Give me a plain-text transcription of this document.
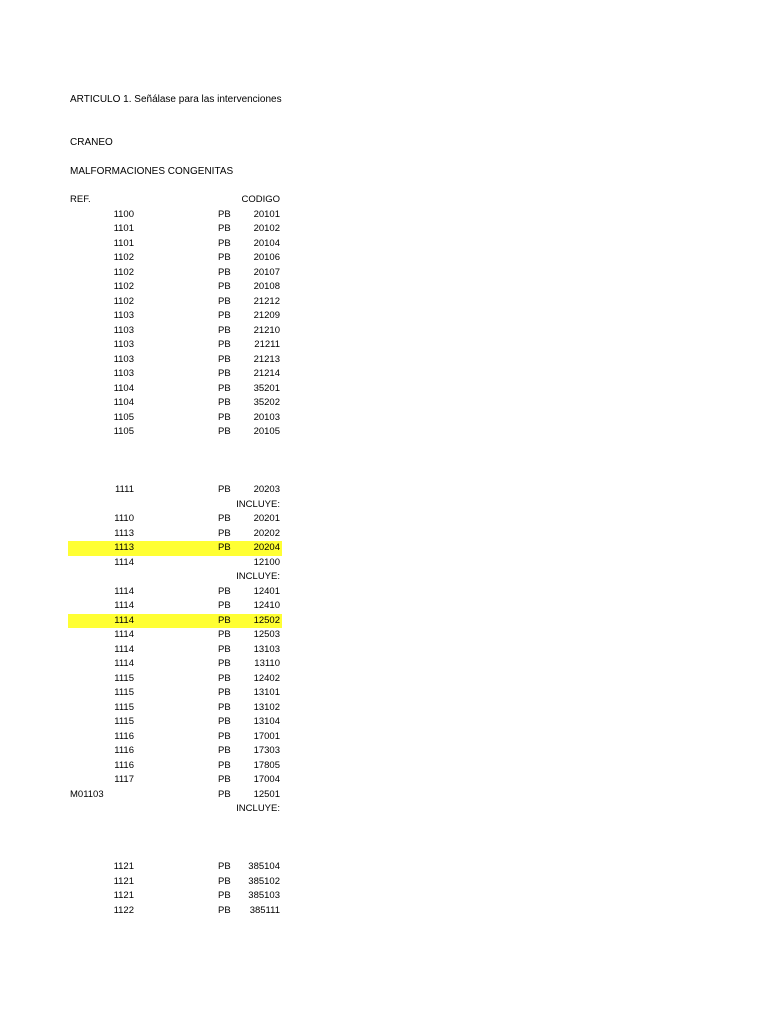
ARTICULO 1. Señálase para las intervenciones
CRANEO
MALFORMACIONES CONGENITAS
REF.	CODIGO
1100	PB 20101
1101	PB 20102
1101	PB 20104
1102	PB 20106
1102	PB 20107
1102	PB 20108
1102	PB 21212
1103	PB 21209
1103	PB 21210
1103	PB 21211
1103	PB 21213
1103	PB 21214
1104	PB 35201
1104	PB 35202
1105	PB 20103
1105	PB 20105
1111	PB 20203
INCLUYE:
1110	PB 20201
1113	PB 20202
1113	PB 20204
1114	12100
INCLUYE:
1114	PB 12401
1114	PB 12410
1114	PB 12502
1114	PB 12503
1114	PB 13103
1114	PB 13110
1115	PB 12402
1115	PB 13101
1115	PB 13102
1115	PB 13104
1116	PB 17001
1116	PB 17303
1116	PB 17805
1117	PB 17004
M01103	PB 12501
INCLUYE:
1121	PB 385104
1121	PB 385102
1121	PB 385103
1122	PB 385111
